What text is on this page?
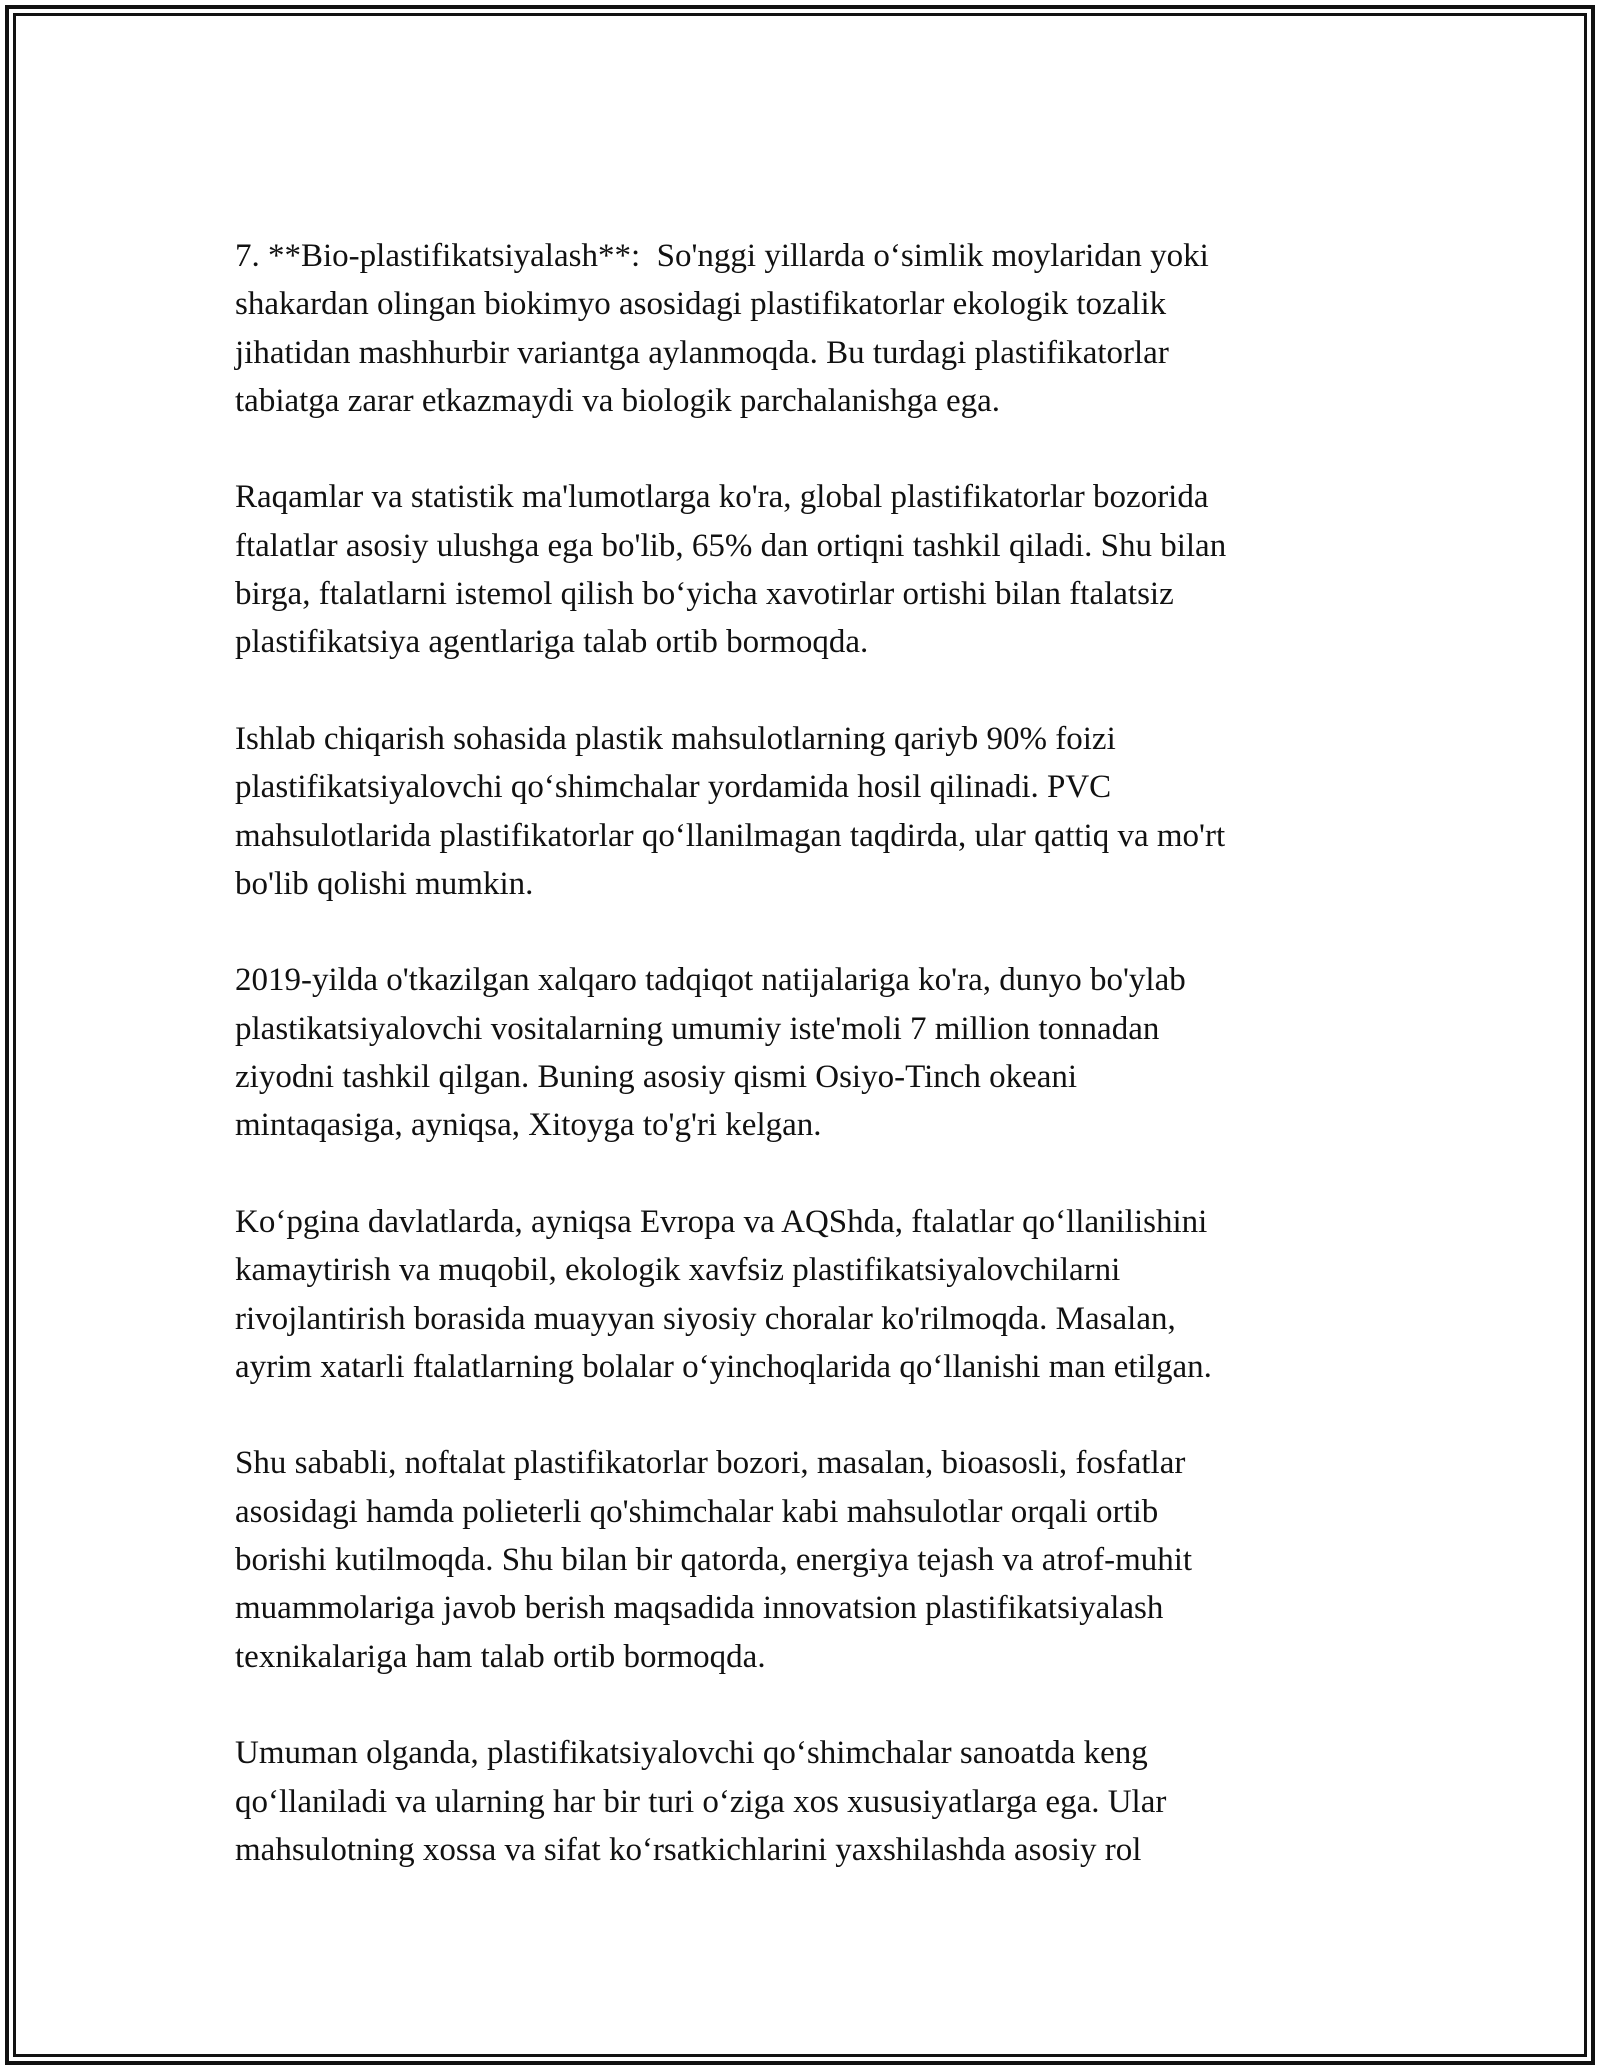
7. **Bio-plastifikatsiyalash**:  So'nggi yillarda o‘simlik moylaridan yoki
shakardan olingan biokimyo asosidagi plastifikatorlar ekologik tozalik
jihatidan mashhurbir variantga aylanmoqda. Bu turdagi plastifikatorlar
tabiatga zarar etkazmaydi va biologik parchalanishga ega.

Raqamlar va statistik ma'lumotlarga ko'ra, global plastifikatorlar bozorida
ftalatlar asosiy ulushga ega bo'lib, 65% dan ortiqni tashkil qiladi. Shu bilan
birga, ftalatlarni istemol qilish bo‘yicha xavotirlar ortishi bilan ftalatsiz
plastifikatsiya agentlariga talab ortib bormoqda.

Ishlab chiqarish sohasida plastik mahsulotlarning qariyb 90% foizi
plastifikatsiyalovchi qo‘shimchalar yordamida hosil qilinadi. PVC
mahsulotlarida plastifikatorlar qo‘llanilmagan taqdirda, ular qattiq va mo'rt
bo'lib qolishi mumkin.

2019-yilda o'tkazilgan xalqaro tadqiqot natijalariga ko'ra, dunyo bo'ylab
plastikatsiyalovchi vositalarning umumiy iste'moli 7 million tonnadan
ziyodni tashkil qilgan. Buning asosiy qismi Osiyo-Tinch okeani
mintaqasiga, ayniqsa, Xitoyga to'g'ri kelgan.

Ko‘pgina davlatlarda, ayniqsa Evropa va AQShda, ftalatlar qo‘llanilishini
kamaytirish va muqobil, ekologik xavfsiz plastifikatsiyalovchilarni
rivojlantirish borasida muayyan siyosiy choralar ko'rilmoqda. Masalan,
ayrim xatarli ftalatlarning bolalar o‘yinchoqlarida qo‘llanishi man etilgan.

Shu sababli, noftalat plastifikatorlar bozori, masalan, bioasosli, fosfatlar
asosidagi hamda polieterli qo'shimchalar kabi mahsulotlar orqali ortib
borishi kutilmoqda. Shu bilan bir qatorda, energiya tejash va atrof-muhit
muammolariga javob berish maqsadida innovatsion plastifikatsiyalash
texnikalariga ham talab ortib bormoqda.

Umuman olganda, plastifikatsiyalovchi qo‘shimchalar sanoatda keng
qo‘llaniladi va ularning har bir turi o‘ziga xos xususiyatlarga ega. Ular
mahsulotning xossa va sifat ko‘rsatkichlarini yaxshilashda asosiy rol
